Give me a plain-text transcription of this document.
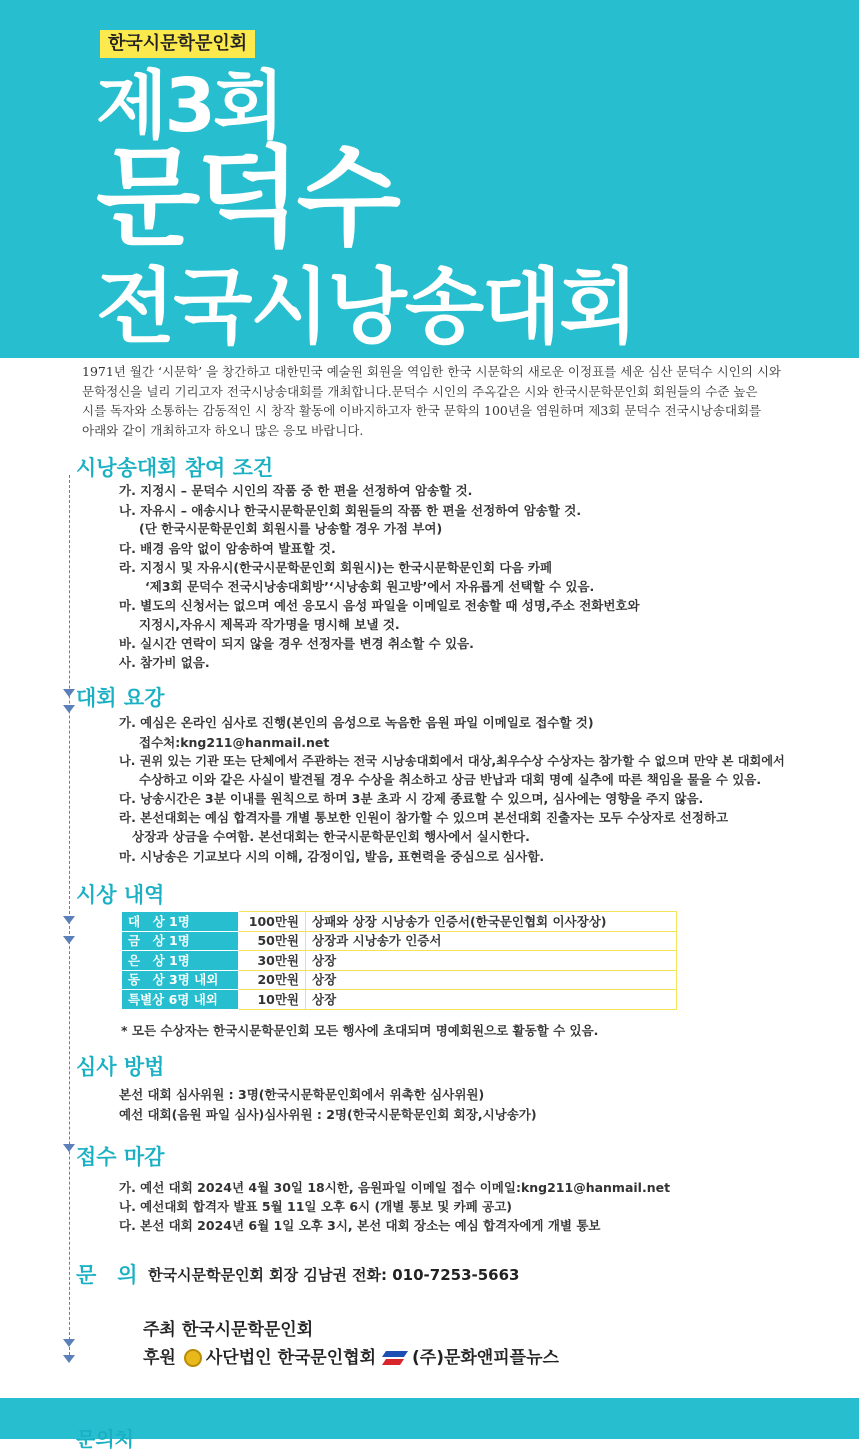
한국시문학문인회
제3회
문덕수
전국시낭송대회

1971년 월간 ‘시문학’ 을 창간하고 대한민국 예술원 회원을 역임한 한국 시문학의 새로운 이정표를 세운 심산 문덕수 시인의 시와

문학정신을 널리 기리고자 전국시낭송대회를 개최합니다.문덕수 시인의 주옥같은 시와 한국시문학문인회 회원들의 수준 높은

시를 독자와 소통하는 감동적인 시 창작 활동에 이바지하고자 한국 문학의 100년을 염원하며 제3회 문덕수 전국시낭송대회를

아래와 같이 개최하고자 하오니 많은 응모 바랍니다.

시낭송대회 참여 조건
가. 지정시 – 문덕수 시인의 작품 중 한 편을 선정하여 암송할 것.
나. 자유시 – 애송시나 한국시문학문인회 회원들의 작품 한 편을 선정하여 암송할 것.
(단 한국시문학문인회 회원시를 낭송할 경우 가점 부여)
다. 배경 음악 없이 암송하여 발표할 것.
라. 지정시 및 자유시(한국시문학문인회 회원시)는 한국시문학문인회 다음 카페
‘제3회 문덕수 전국시낭송대회방’‘시낭송회 원고방’에서 자유롭게 선택할 수 있음.
마. 별도의 신청서는 없으며 예선 응모시 음성 파일을 이메일로 전송할 때 성명,주소 전화번호와
지정시,자유시 제목과 작가명을 명시해 보낼 것.
바. 실시간 연락이 되지 않을 경우 선정자를 변경 취소할 수 있음.
사. 참가비 없음.
대회 요강
가. 예심은 온라인 심사로 진행(본인의 음성으로 녹음한 음원 파일 이메일로 접수할 것)
접수처:kng211@hanmail.net
나. 권위 있는 기관 또는 단체에서 주관하는 전국 시낭송대회에서 대상,최우수상 수상자는 참가할 수 없으며 만약 본 대회에서
수상하고 이와 같은 사실이 발견될 경우 수상을 취소하고 상금 반납과 대회 명예 실추에 따른 책임을 물을 수 있음.
다. 낭송시간은 3분 이내를 원칙으로 하며 3분 초과 시 강제 종료할 수 있으며, 심사에는 영향을 주지 않음.
라. 본선대회는 예심 합격자를 개별 통보한 인원이 참가할 수 있으며 본선대회 진출자는 모두 수상자로 선정하고
상장과 상금을 수여함. 본선대회는 한국시문학문인회 행사에서 실시한다.
마. 시낭송은 기교보다 시의 이해, 감정이입, 발음, 표현력을 중심으로 심사함.
시상 내역
대　상 1명	100만원	상패와 상장 시낭송가 인증서(한국문인협회 이사장상)
금　상 1명	50만원	상장과 시낭송가 인증서
은　상 1명	30만원	상장
동　상 3명 내외	20만원	상장
특별상 6명 내외	10만원	상장
* 모든 수상자는 한국시문학문인회 모든 행사에 초대되며 명예회원으로 활동할 수 있음.
심사 방법
본선 대회 심사위원 : 3명(한국시문학문인회에서 위촉한 심사위원)
예선 대회(음원 파일 심사)심사위원 : 2명(한국시문학문인회 회장,시낭송가)
접수 마감
가. 예선 대회 2024년 4월 30일 18시한, 음원파일 이메일 접수 이메일:kng211@hanmail.net
나. 예선대회 합격자 발표 5월 11일 오후 6시 (개별 통보 및 카페 공고)
다. 본선 대회 2024년 6월 1일 오후 3시, 본선 대회 장소는 예심 합격자에게 개별 통보
문　의 한국시문학문인회 회장 김남권 전화: 010-7253-5663
주최 한국시문학문인회
후원 사단법인 한국문인협회 (주)문화앤피플뉴스
문의처
